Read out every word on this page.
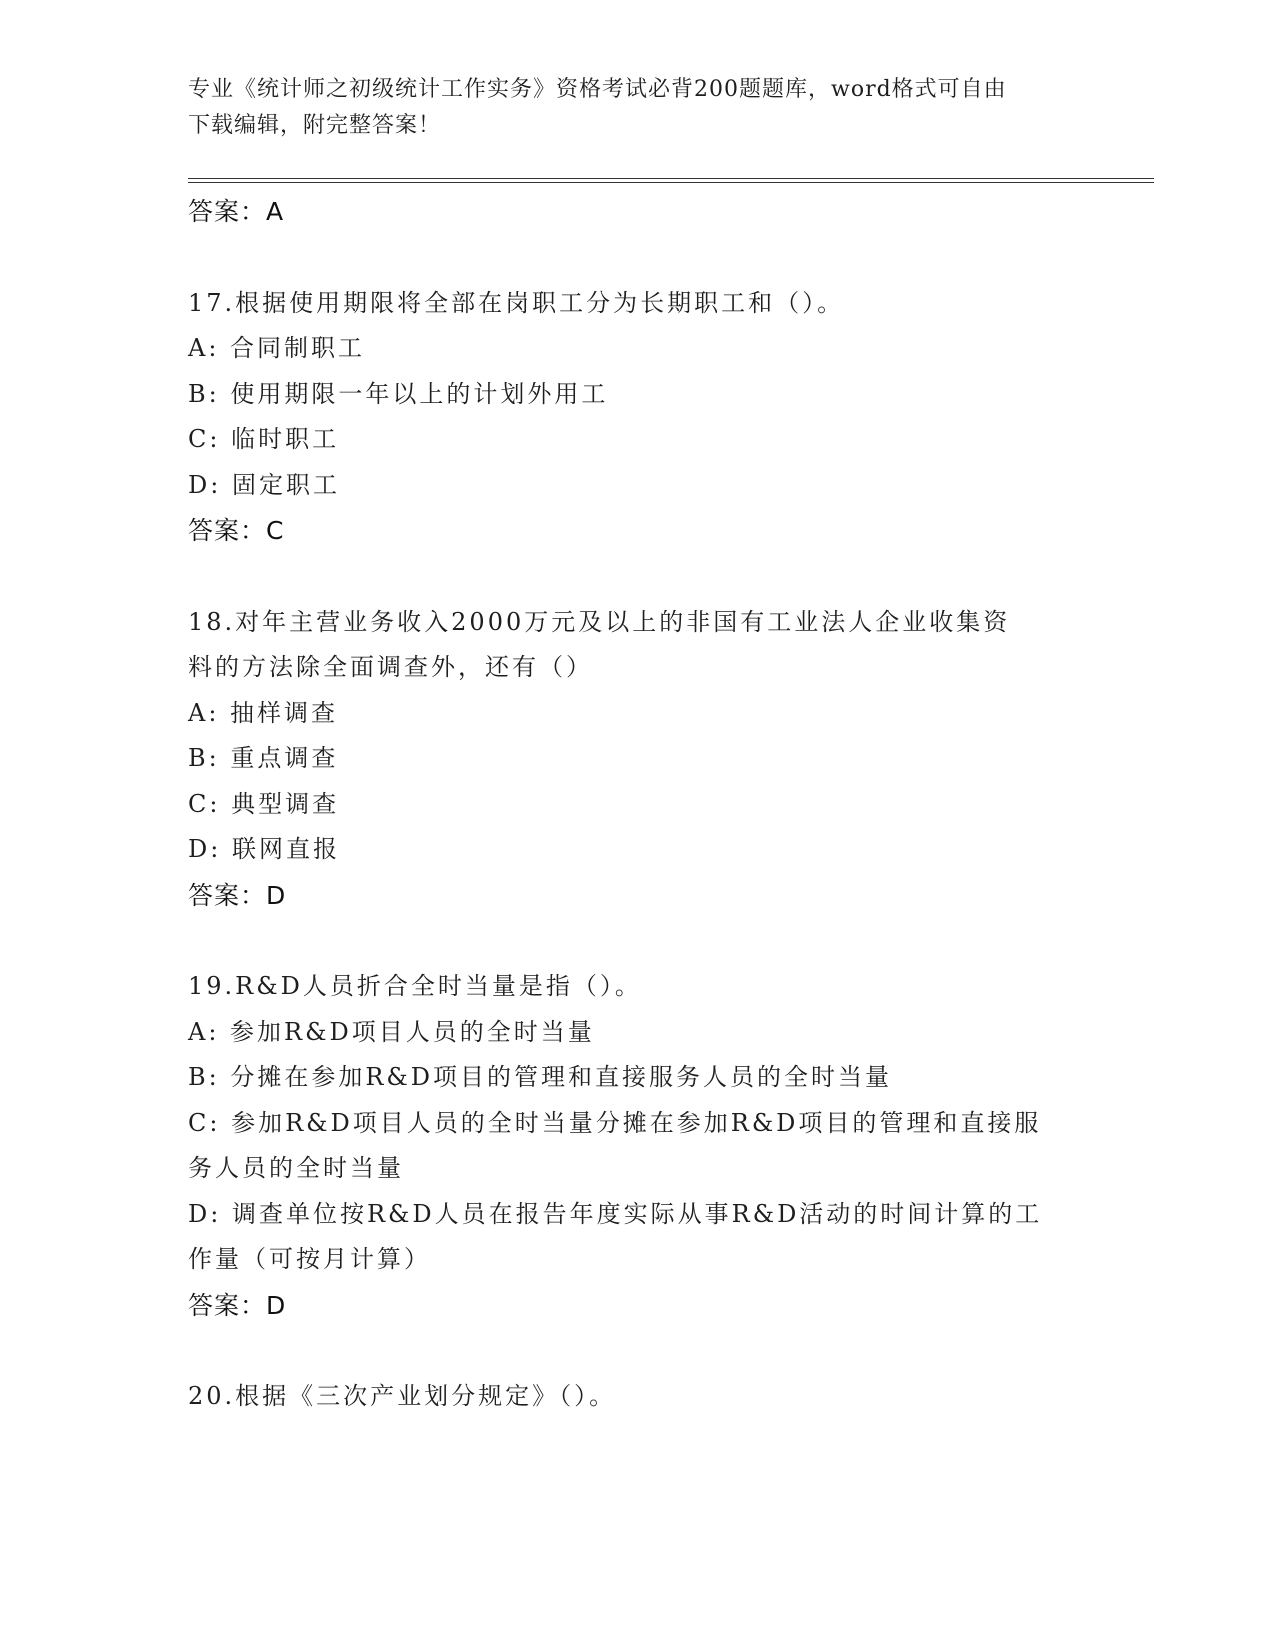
专业《统计师之初级统计工作实务》资格考试必背200题题库，word格式可自由
下载编辑，附完整答案！
答案：A
17.根据使用期限将全部在岗职工分为长期职工和（）。
A: 合同制职工
B: 使用期限一年以上的计划外用工
C: 临时职工
D: 固定职工
答案：C
18.对年主营业务收入2000万元及以上的非国有工业法人企业收集资
料的方法除全面调查外，还有（）
A: 抽样调查
B: 重点调查
C: 典型调查
D: 联网直报
答案：D
19.R&D人员折合全时当量是指（）。
A: 参加R&D项目人员的全时当量
B: 分摊在参加R&D项目的管理和直接服务人员的全时当量
C: 参加R&D项目人员的全时当量分摊在参加R&D项目的管理和直接服
务人员的全时当量
D: 调查单位按R&D人员在报告年度实际从事R&D活动的时间计算的工
作量（可按月计算）
答案：D
20.根据《三次产业划分规定》（）。
